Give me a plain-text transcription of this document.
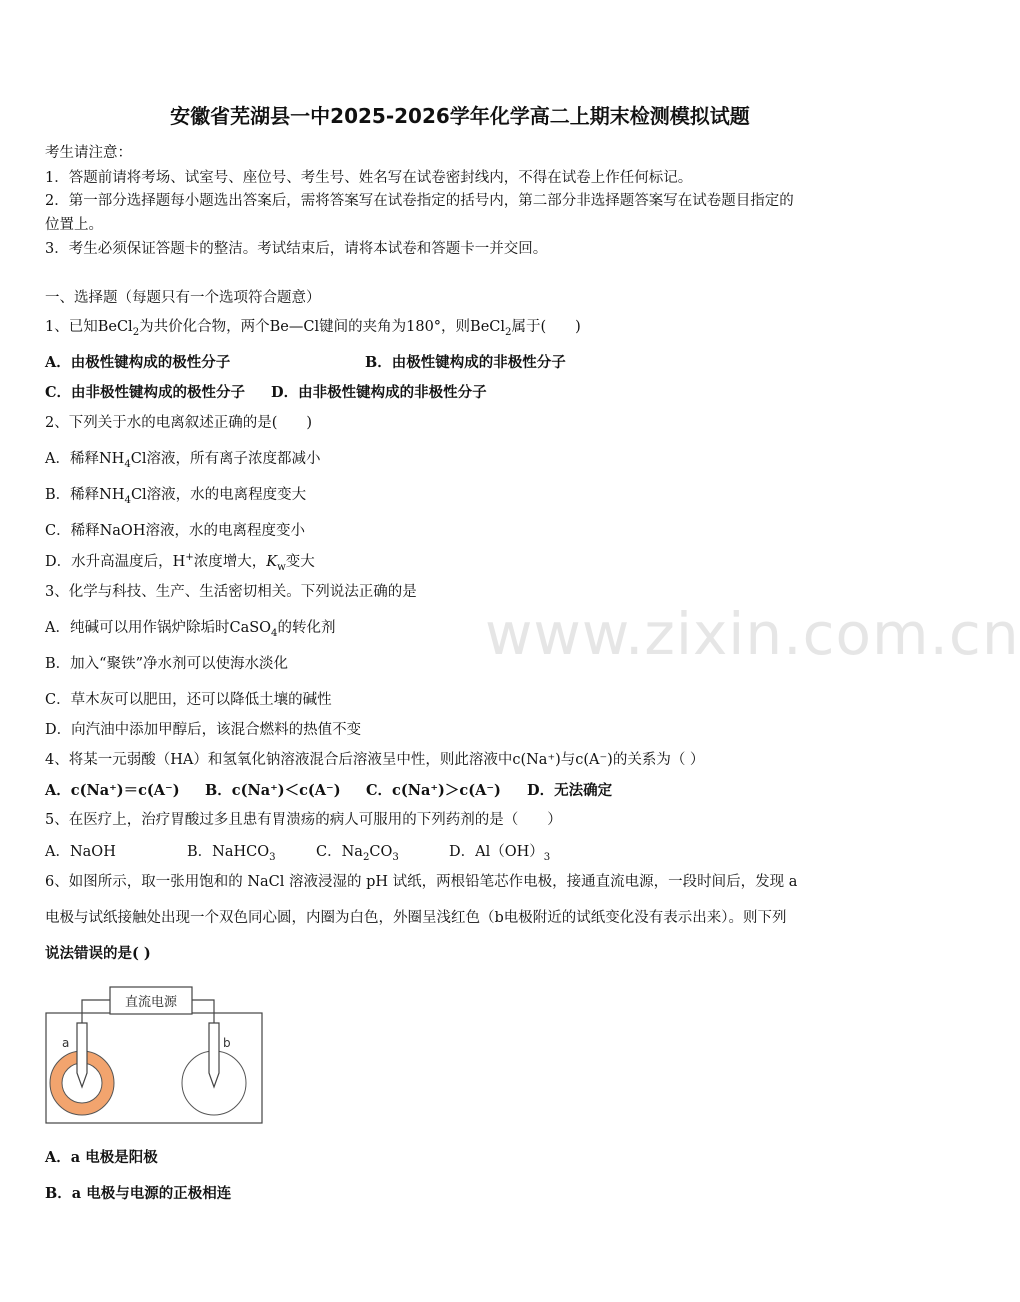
www.zixin.com.cn
安徽省芜湖县一中2025-2026学年化学高二上期末检测模拟试题
考生请注意：
1．答题前请将考场、试室号、座位号、考生号、姓名写在试卷密封线内，不得在试卷上作任何标记。
2．第一部分选择题每小题选出答案后，需将答案写在试卷指定的括号内，第二部分非选择题答案写在试卷题目指定的
位置上。
3．考生必须保证答题卡的整洁。考试结束后，请将本试卷和答题卡一并交回。
一、选择题（每题只有一个选项符合题意）
1、已知BeCl$_2$为共价化合物，两个Be—Cl键间的夹角为180°，则BeCl$_2$属于(　　)
A．由极性键构成的极性分子	B．由极性键构成的非极性分子
C．由非极性键构成的极性分子 D．由非极性键构成的非极性分子
2、下列关于水的电离叙述正确的是(　　)
A．稀释$NH_4Cl$溶液，所有离子浓度都减小
B．稀释$NH_4Cl$溶液，水的电离程度变大
C．稀释NaOH溶液，水的电离程度变小
D．水升高温度后，H+浓度增大，$K_w$变大
3、化学与科技、生产、生活密切相关。下列说法正确的是
A．纯碱可以用作锅炉除垢时CaSO$_4$的转化剂
B．加入“聚铁”净水剂可以使海水淡化
C．草木灰可以肥田，还可以降低土壤的碱性
D．向汽油中添加甲醇后，该混合燃料的热值不变
4、将某一元弱酸（HA）和氢氧化钠溶液混合后溶液呈中性，则此溶液中c(Na⁺)与c(A⁻)的关系为（ ）
A．c(Na⁺)＝c(A⁻) B．c(Na⁺)＜c(A⁻) C．c(Na⁺)＞c(A⁻) D．无法确定
5、在医疗上，治疗胃酸过多且患有胃溃疡的病人可服用的下列药剂的是（　　）
A．NaOH	B．NaHCO$_3$	C．$Na_2CO_3$	D．$Al(OH)_3$
6、如图所示，取一张用饱和的 NaCl 溶液浸湿的 pH 试纸，两根铅笔芯作电极，接通直流电源，一段时间后，发现 a
电极与试纸接触处出现一个双色同心圆，内圈为白色，外圈呈浅红色（b电极附近的试纸变化没有表示出来）。则下列
说法错误的是( )
直流电源
a	b
A．a 电极是阳极
B．a 电极与电源的正极相连
